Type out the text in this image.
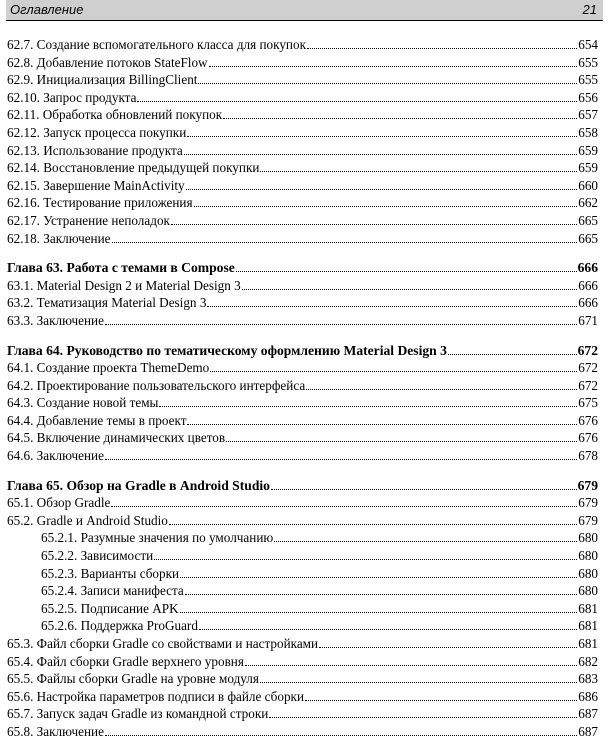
Оглавление	21
62.7. Создание вспомогательного класса для покупок	654
62.8. Добавление потоков StateFlow	655
62.9. Инициализация BillingClient	655
62.10. Запрос продукта	656
62.11. Обработка обновлений покупок	657
62.12. Запуск процесса покупки	658
62.13. Использование продукта	659
62.14. Восстановление предыдущей покупки	659
62.15. Завершение MainActivity	660
62.16. Тестирование приложения	662
62.17. Устранение неполадок	665
62.18. Заключение	665
Глава 63. Работа с темами в Compose	666
63.1. Material Design 2 и Material Design 3	666
63.2. Тематизация Material Design 3	666
63.3. Заключение	671
Глава 64. Руководство по тематическому оформлению Material Design 3	672
64.1. Создание проекта ThemeDemo	672
64.2. Проектирование пользовательского интерфейса	672
64.3. Создание новой темы	675
64.4. Добавление темы в проект	676
64.5. Включение динамических цветов	676
64.6. Заключение	678
Глава 65. Обзор на Gradle в Android Studio	679
65.1. Обзор Gradle	679
65.2. Gradle и Android Studio	679
65.2.1. Разумные значения по умолчанию	680
65.2.2. Зависимости	680
65.2.3. Варианты сборки	680
65.2.4. Записи манифеста	680
65.2.5. Подписание APK	681
65.2.6. Поддержка ProGuard	681
65.3. Файл сборки Gradle со свойствами и настройками	681
65.4. Файл сборки Gradle верхнего уровня	682
65.5. Файлы сборки Gradle на уровне модуля	683
65.6. Настройка параметров подписи в файле сборки	686
65.7. Запуск задач Gradle из командной строки	687
65.8. Заключение	687
